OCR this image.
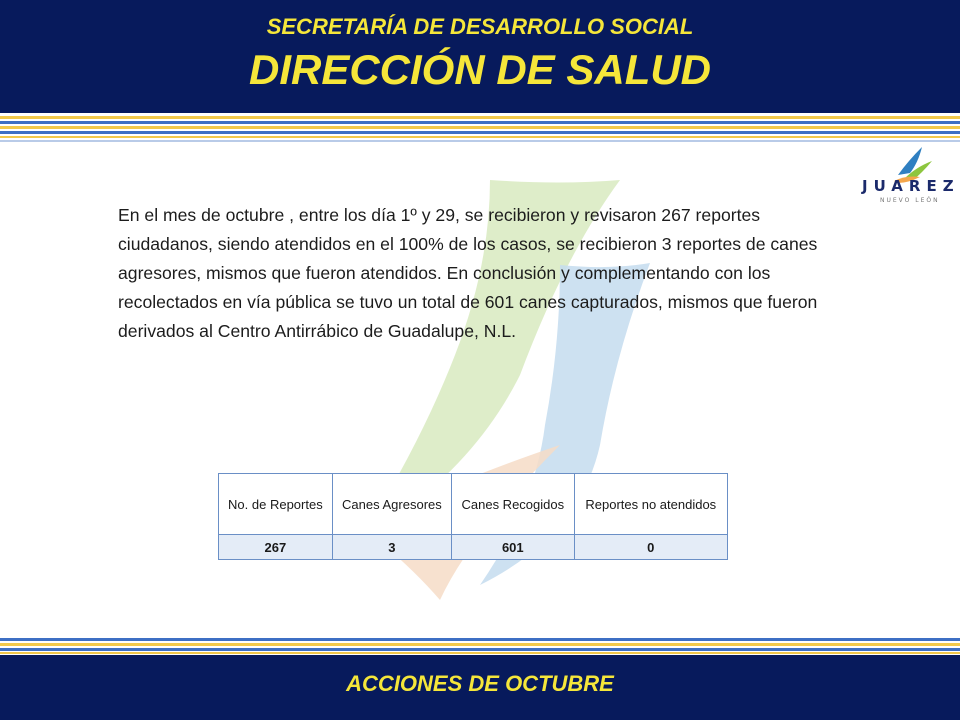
SECRETARÍA DE DESARROLLO SOCIAL
DIRECCIÓN DE SALUD
JUAREZ
NUEVO LEÓN

En el mes de octubre , entre los día 1º y 29, se recibieron y revisaron 267 reportes ciudadanos, siendo atendidos en el 100% de los casos, se recibieron 3 reportes de canes agresores, mismos que fueron atendidos. En conclusión y complementando con los recolectados en vía pública se tuvo un total de 601 canes capturados, mismos que fueron derivados al Centro Antirrábico de Guadalupe, N.L.

No. de Reportes	Canes Agresores	Canes Recogidos	Reportes no atendidos
267	3	601	0
ACCIONES DE OCTUBRE
